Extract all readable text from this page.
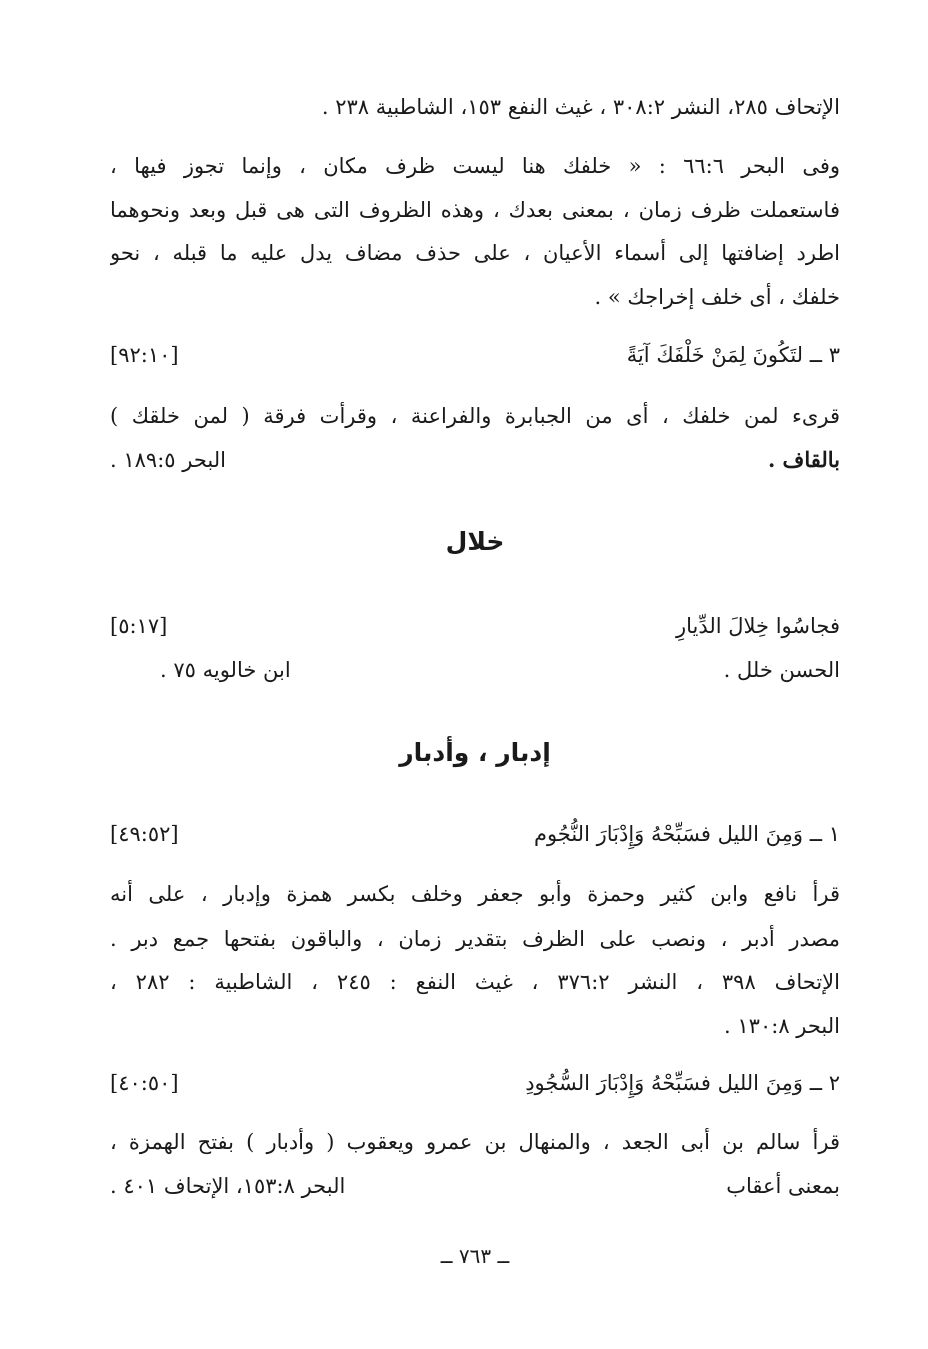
الإتحاف ٢٨٥، النشر ٣٠٨:٢ ، غيث النفع ١٥٣، الشاطبية ٢٣٨ .
وفى البحر ٦٦:٦ : « خلفك هنا ليست ظرف مكان ، وإنما تجوز فيها ،
فاستعملت ظرف زمان ، بمعنى بعدك ، وهذه الظروف التى هى قبل وبعد ونحوهما
اطرد إضافتها إلى أسماء الأعيان ، على حذف مضاف يدل عليه ما قبله ، نحو
خلفك ، أى خلف إخراجك » .
٣ ــ لتَكُونَ لِمَنْ خَلْفَكَ آيَةً
[٩٢:١٠]
قرىء لمن خلفك ، أى من الجبابرة والفراعنة ، وقرأت فرقة ( لمن خلقك )
بالقاف .
البحر ١٨٩:٥ .
خلال
فجاسُوا خِلالَ الدِّيارِ
[٥:١٧]
الحسن خلل .
ابن خالويه ٧٥ .
إدبار ، وأدبار
١ ــ وَمِنَ الليل فسَبِّحْهُ وَإِدْبَارَ النُّجُوم
[٤٩:٥٢]
قرأ نافع وابن كثير وحمزة وأبو جعفر وخلف بكسر همزة وإدبار ، على أنه
مصدر أدبر ، ونصب على الظرف بتقدير زمان ، والباقون بفتحها جمع دبر .
الإتحاف ٣٩٨ ، النشر ٣٧٦:٢ ، غيث النفع : ٢٤٥ ، الشاطبية : ٢٨٢ ،
البحر ١٣٠:٨ .
٢ ــ وَمِنَ الليل فسَبِّحْهُ وَإِدْبَارَ السُّجُودِ
[٤٠:٥٠]
قرأ سالم بن أبى الجعد ، والمنهال بن عمرو ويعقوب ( وأدبار ) بفتح الهمزة ،
بمعنى أعقاب
البحر ١٥٣:٨، الإتحاف ٤٠١ .
ــ ٧٦٣ ــ
